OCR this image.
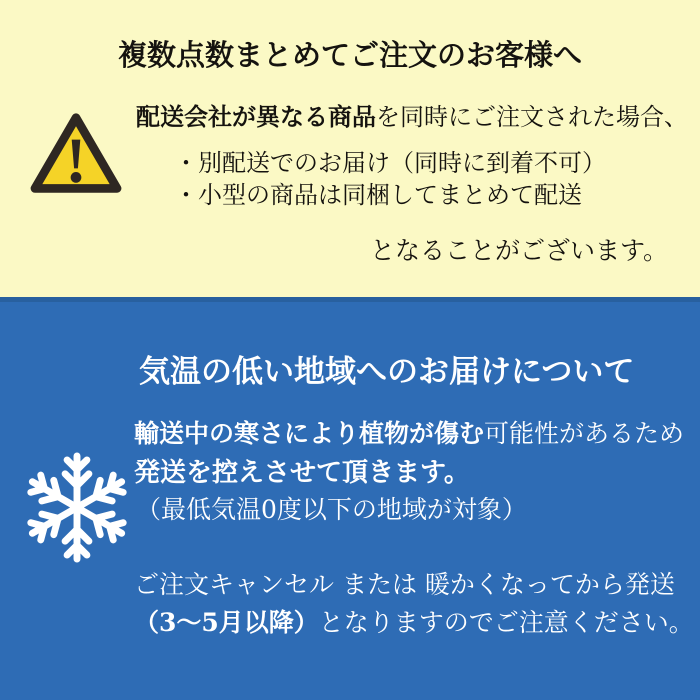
複数点数まとめてご注文のお客様へ
配送会社が異なる商品を同時にご注文された場合、
・別配送でのお届け（同時に到着不可）
・小型の商品は同梱してまとめて配送
となることがございます。
気温の低い地域へのお届けについて
輸送中の寒さにより植物が傷む可能性があるため
発送を控えさせて頂きます。
（最低気温0度以下の地域が対象）
ご注文キャンセル または 暖かくなってから発送
（3～5月以降）となりますのでご注意ください。
